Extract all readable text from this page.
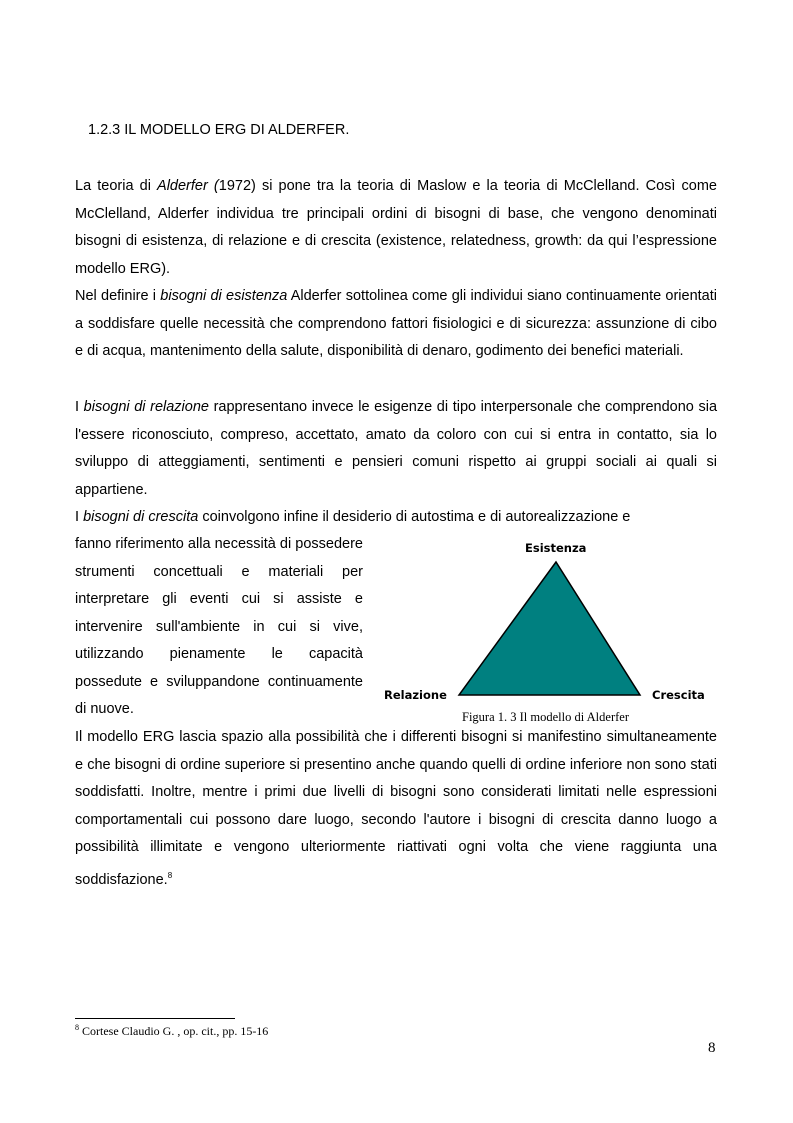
1.2.3 IL MODELLO ERG DI ALDERFER.

La teoria di Alderfer (1972) si pone tra la teoria di Maslow e la teoria di McClelland. Così come McClelland, Alderfer individua tre principali ordini di bisogni di base, che vengono denominati bisogni di esistenza, di relazione e di crescita (existence, relatedness, growth: da qui l’espressione modello ERG).

Nel definire i bisogni di esistenza Alderfer sottolinea come gli individui siano continuamente orientati a soddisfare quelle necessità che comprendono fattori fisiologici e di sicurezza: assunzione di cibo e di acqua, mantenimento della salute, disponibilità di denaro, godimento dei benefici materiali.

I bisogni di relazione rappresentano invece le esigenze di tipo interpersonale che comprendono sia l'essere riconosciuto, compreso, accettato, amato da coloro con cui si entra in contatto, sia lo sviluppo di atteggiamenti, sentimenti e pensieri comuni rispetto ai gruppi sociali ai quali si appartiene.

I bisogni di crescita coinvolgono infine il desiderio di autostima e di autorealizzazione e

fanno riferimento alla necessità di possedere strumenti concettuali e materiali per interpretare gli eventi cui si assiste e intervenire sull'ambiente in cui si vive, utilizzando pienamente le capacità possedute e sviluppandone continuamente di nuove.

Esistenza
Relazione	Crescita
Figura 1. 3 Il modello di Alderfer

Il modello ERG lascia spazio alla possibilità che i differenti bisogni si manifestino simultaneamente e che bisogni di ordine superiore si presentino anche quando quelli di ordine inferiore non sono stati soddisfatti. Inoltre, mentre i primi due livelli di bisogni sono considerati limitati nelle espressioni comportamentali cui possono dare luogo, secondo l'autore i bisogni di crescita danno luogo a possibilità illimitate e vengono ulteriormente riattivati ogni volta che viene raggiunta una soddisfazione.$^8$

$^8$ Cortese Claudio G. , op. cit., pp. 15-16
8
